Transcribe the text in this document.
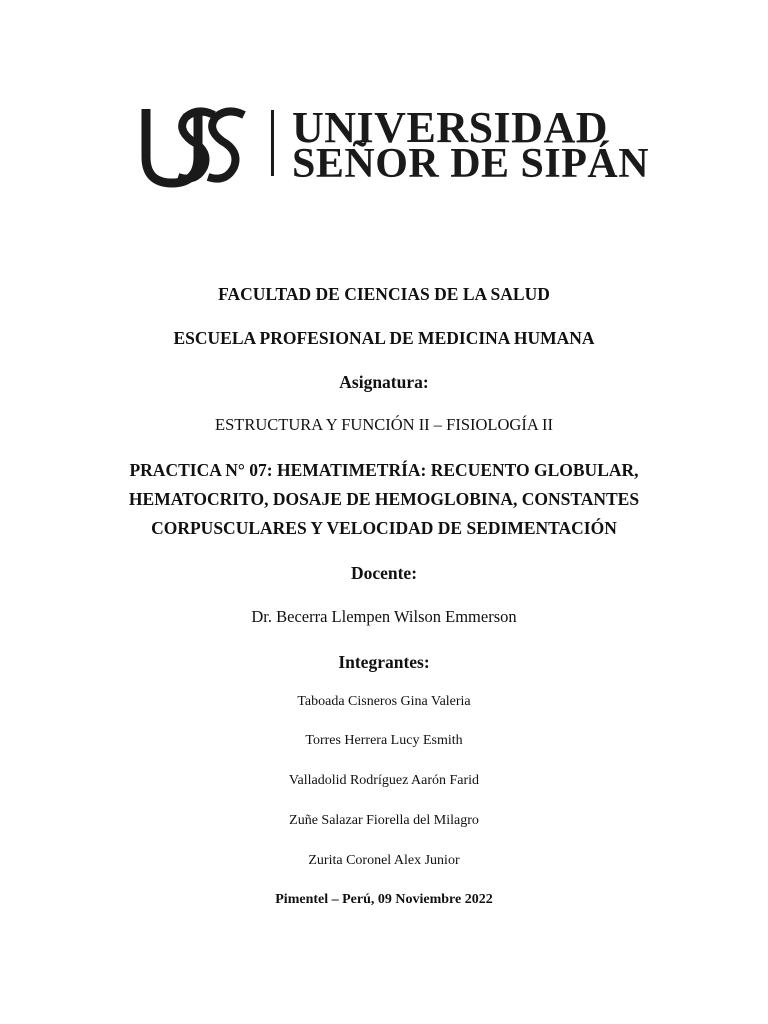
UNIVERSIDAD
SEÑOR DE SIPÁN
FACULTAD DE CIENCIAS DE LA SALUD
ESCUELA PROFESIONAL DE MEDICINA HUMANA
Asignatura:
ESTRUCTURA Y FUNCIÓN II – FISIOLOGÍA II
PRACTICA N° 07: HEMATIMETRÍA: RECUENTO GLOBULAR,
HEMATOCRITO, DOSAJE DE HEMOGLOBINA, CONSTANTES
CORPUSCULARES Y VELOCIDAD DE SEDIMENTACIÓN
Docente:
Dr. Becerra Llempen Wilson Emmerson
Integrantes:
Taboada Cisneros Gina Valeria
Torres Herrera Lucy Esmith
Valladolid Rodríguez Aarón Farid
Zuñe Salazar Fiorella del Milagro
Zurita Coronel Alex Junior
Pimentel – Perú, 09 Noviembre 2022
